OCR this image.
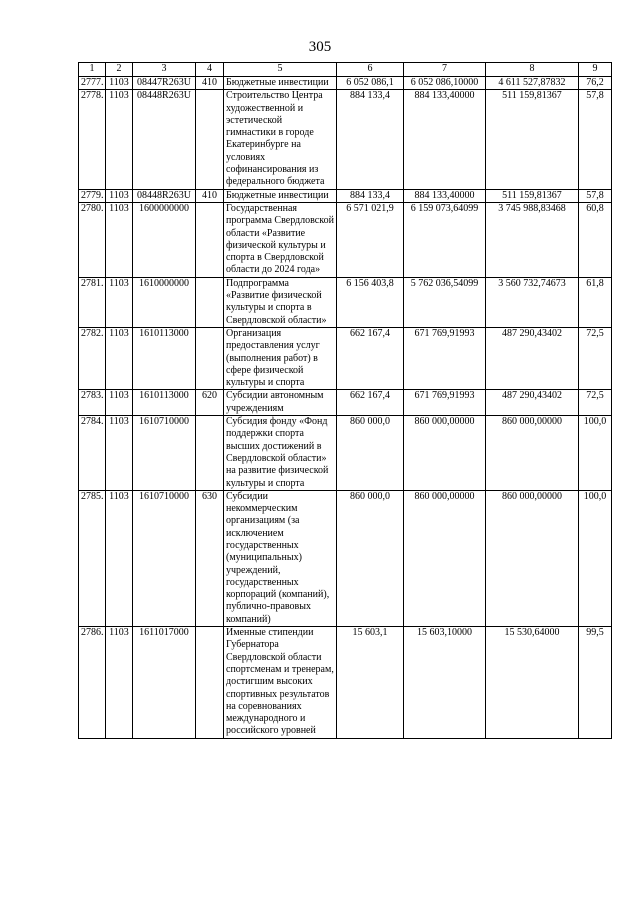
305
1	2	3	4	5	6	7	8	9
2777.	1103	08447R263U	410	Бюджетные инвестиции	6 052 086,1	6 052 086,10000	4 611 527,87832	76,2
2778.	1103	08448R263U		Строительство Центра художественной и эстетической гимнастики в городе Екатеринбурге на условиях софинансирования из федерального бюджета	884 133,4	884 133,40000	511 159,81367	57,8
2779.	1103	08448R263U	410	Бюджетные инвестиции	884 133,4	884 133,40000	511 159,81367	57,8
2780.	1103	1600000000		Государственная программа Свердловской области «Развитие физической культуры и спорта в Свердловской области до 2024 года»	6 571 021,9	6 159 073,64099	3 745 988,83468	60,8
2781.	1103	1610000000		Подпрограмма «Развитие физической культуры и спорта в Свердловской области»	6 156 403,8	5 762 036,54099	3 560 732,74673	61,8
2782.	1103	1610113000		Организация предоставления услуг (выполнения работ) в сфере физической культуры и спорта	662 167,4	671 769,91993	487 290,43402	72,5
2783.	1103	1610113000	620	Субсидии автономным учреждениям	662 167,4	671 769,91993	487 290,43402	72,5
2784.	1103	1610710000		Субсидия фонду «Фонд поддержки спорта высших достижений в Свердловской области» на развитие физической культуры и спорта	860 000,0	860 000,00000	860 000,00000	100,0
2785.	1103	1610710000	630	Субсидии некоммерческим организациям (за исключением государственных (муниципальных) учреждений, государственных корпораций (компаний), публично-правовых компаний)	860 000,0	860 000,00000	860 000,00000	100,0
2786.	1103	1611017000		Именные стипендии Губернатора Свердловской области спортсменам и тренерам, достигшим высоких спортивных результатов на соревнованиях международного и российского уровней	15 603,1	15 603,10000	15 530,64000	99,5
